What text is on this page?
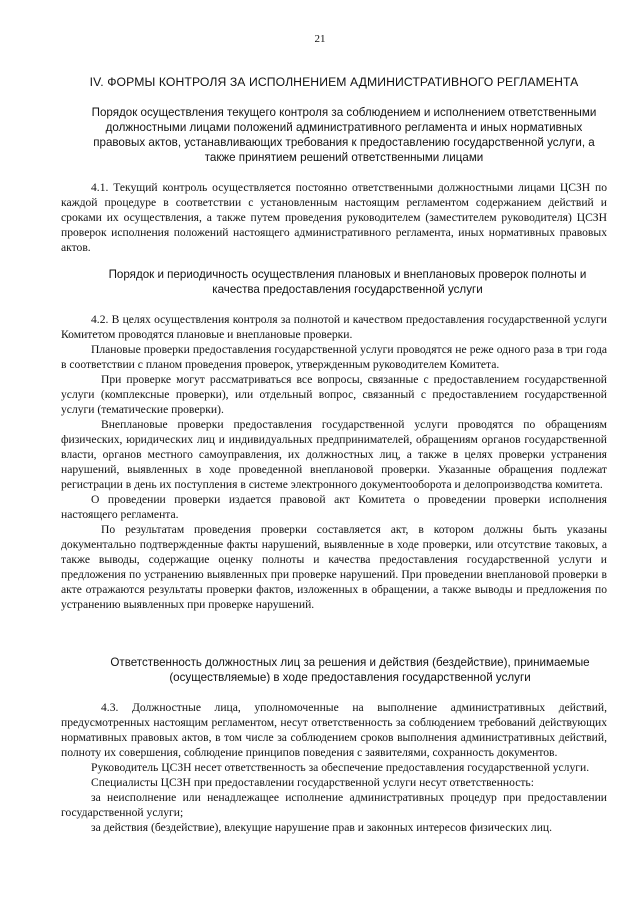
21
IV. ФОРМЫ КОНТРОЛЯ ЗА ИСПОЛНЕНИЕМ АДМИНИСТРАТИВНОГО РЕГЛАМЕНТА

Порядок осуществления текущего контроля за соблюдением и исполнением ответственными должностными лицами положений административного регламента и иных нормативных правовых актов, устанавливающих требования к предоставлению государственной услуги, а также принятием решений ответственными лицами

4.1. Текущий контроль осуществляется постоянно ответственными должностными лицами ЦСЗН по каждой процедуре в соответствии с установленным настоящим регламентом содержанием действий и сроками их осуществления, а также путем проведения руководителем (заместителем руководителя) ЦСЗН проверок исполнения положений настоящего административного регламента, иных нормативных правовых актов.

Порядок и периодичность осуществления плановых и внеплановых проверок полноты и качества предоставления государственной услуги

4.2. В целях осуществления контроля за полнотой и качеством предоставления государственной услуги Комитетом проводятся плановые и внеплановые проверки.

Плановые проверки предоставления государственной услуги проводятся не реже одного раза в три года в соответствии с планом проведения проверок, утвержденным руководителем Комитета.

При проверке могут рассматриваться все вопросы, связанные с предоставлением государственной услуги (комплексные проверки), или отдельный вопрос, связанный с предоставлением государственной услуги (тематические проверки).

Внеплановые проверки предоставления государственной услуги проводятся по обращениям физических, юридических лиц и индивидуальных предпринимателей, обращениям органов государственной власти, органов местного самоуправления, их должностных лиц, а также в целях проверки устранения нарушений, выявленных в ходе проведенной внеплановой проверки. Указанные обращения подлежат регистрации в день их поступления в системе электронного документооборота и делопроизводства комитета.

О проведении проверки издается правовой акт Комитета о проведении проверки исполнения настоящего регламента.

По результатам проведения проверки составляется акт, в котором должны быть указаны документально подтвержденные факты нарушений, выявленные в ходе проверки, или отсутствие таковых, а также выводы, содержащие оценку полноты и качества предоставления государственной услуги и предложения по устранению выявленных при проверке нарушений. При проведении внеплановой проверки в акте отражаются результаты проверки фактов, изложенных в обращении, а также выводы и предложения по устранению выявленных при проверке нарушений.

Ответственность должностных лиц за решения и действия (бездействие), принимаемые (осуществляемые) в ходе предоставления государственной услуги

4.3. Должностные лица, уполномоченные на выполнение административных действий, предусмотренных настоящим регламентом, несут ответственность за соблюдением требований действующих нормативных правовых актов, в том числе за соблюдением сроков выполнения административных действий, полноту их совершения, соблюдение принципов поведения с заявителями, сохранность документов.

Руководитель ЦСЗН несет ответственность за обеспечение предоставления государственной услуги.

Специалисты ЦСЗН при предоставлении государственной услуги несут ответственность:

за неисполнение или ненадлежащее исполнение административных процедур при предоставлении государственной услуги;

за действия (бездействие), влекущие нарушение прав и законных интересов физических лиц.
